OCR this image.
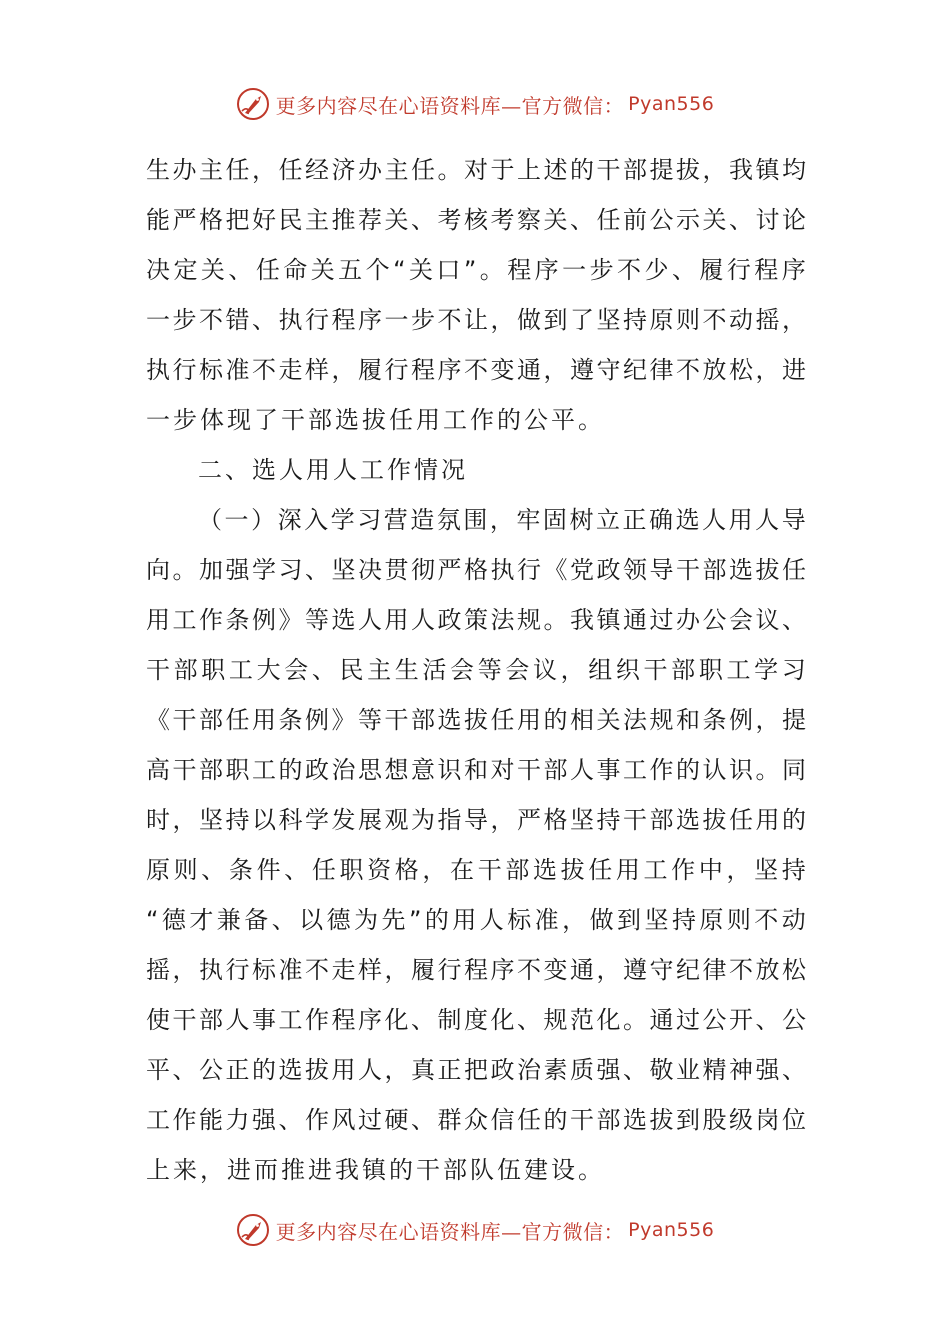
更多内容尽在心语资料库—官方微信： Pyan556
生 办 主 任 ， 任 经 济 办 主 任 。 对 于 上 述 的 干 部 提 拔 ， 我 镇 均
能 严 格 把 好 民 主 推 荐 关 、 考 核 考 察 关 、 任 前 公 示 关 、 讨 论
决 定 关 、 任 命 关 五 个 “ 关 口 ” 。 程 序 一 步 不 少 、 履 行 程 序
一 步 不 错 、 执 行 程 序 一 步 不 让 ， 做 到 了 坚 持 原 则 不 动 摇 ，
执 行 标 准 不 走 样 ， 履 行 程 序 不 变 通 ， 遵 守 纪 律 不 放 松 ， 进
一步体现了干部选拔任用工作的公平。
二、选人用人工作情况
（ 一 ） 深 入 学 习 营 造 氛 围 ， 牢 固 树 立 正 确 选 人 用 人 导
向 。 加 强 学 习 、 坚 决 贯 彻 严 格 执 行 《 党 政 领 导 干 部 选 拔 任
用 工 作 条 例 》 等 选 人 用 人 政 策 法 规 。 我 镇 通 过 办 公 会 议 、
干 部 职 工 大 会 、 民 主 生 活 会 等 会 议 ， 组 织 干 部 职 工 学 习
《 干 部 任 用 条 例 》 等 干 部 选 拔 任 用 的 相 关 法 规 和 条 例 ， 提
高 干 部 职 工 的 政 治 思 想 意 识 和 对 干 部 人 事 工 作 的 认 识 。 同
时 ， 坚 持 以 科 学 发 展 观 为 指 导 ， 严 格 坚 持 干 部 选 拔 任 用 的
原 则 、 条 件 、 任 职 资 格 ， 在 干 部 选 拔 任 用 工 作 中 ， 坚 持
“ 德 才 兼 备 、 以 德 为 先 ” 的 用 人 标 准 ， 做 到 坚 持 原 则 不 动
摇 ， 执 行 标 准 不 走 样 ， 履 行 程 序 不 变 通 ， 遵 守 纪 律 不 放 松
使 干 部 人 事 工 作 程 序 化 、 制 度 化 、 规 范 化 。 通 过 公 开 、 公
平 、 公 正 的 选 拔 用 人 ， 真 正 把 政 治 素 质 强 、 敬 业 精 神 强 、
工 作 能 力 强 、 作 风 过 硬 、 群 众 信 任 的 干 部 选 拔 到 股 级 岗 位
上来，进而推进我镇的干部队伍建设。
更多内容尽在心语资料库—官方微信： Pyan556
